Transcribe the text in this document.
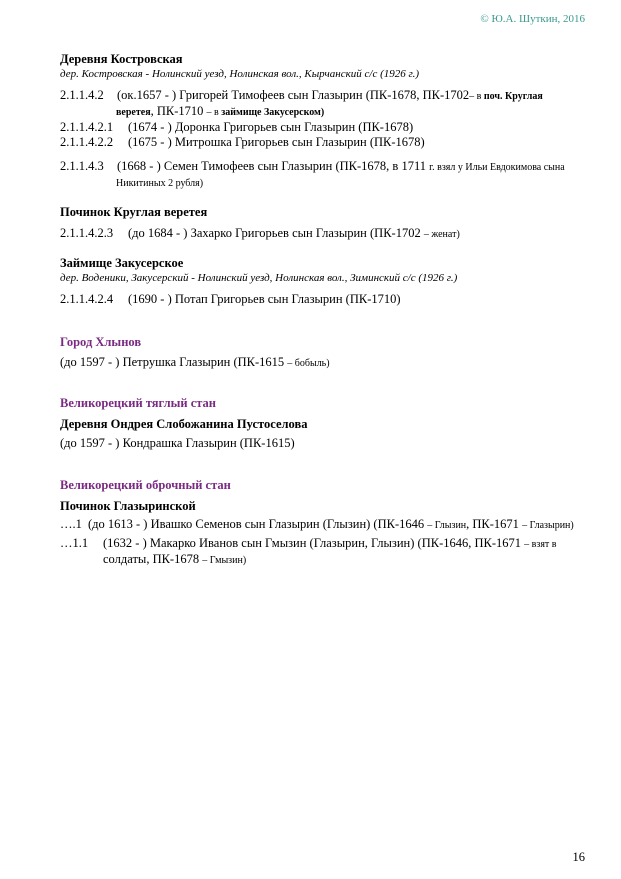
© Ю.А. Шуткин, 2016
Деревня Костровская
дер. Костровская - Нолинский уезд, Нолинская вол., Кырчанский с/с (1926 г.)
2.1.1.4.2 (ок.1657 - ) Григорей Тимофеев сын Глазырин (ПК-1678, ПК-1702– в поч. Круглая
веретея, ПК-1710 – в займище Закусерском)
2.1.1.4.2.1 (1674 - ) Доронка Григорьев сын Глазырин (ПК-1678)
2.1.1.4.2.2 (1675 - ) Митрошка Григорьев сын Глазырин (ПК-1678)
2.1.1.4.3 (1668 - ) Семен Тимофеев сын Глазырин (ПК-1678, в 1711 г. взял у Ильи Евдокимова сына
Никитиных 2 рубля)
Починок Круглая веретея
2.1.1.4.2.3 (до 1684 - ) Захарко Григорьев сын Глазырин (ПК-1702 – женат)
Займище Закусерское
дер. Воденики, Закусерский - Нолинский уезд, Нолинская вол., Зиминский с/с (1926 г.)
2.1.1.4.2.4 (1690 - ) Потап Григорьев сын Глазырин (ПК-1710)
Город Хлынов
(до 1597 - ) Петрушка Глазырин (ПК-1615 – бобыль)
Великорецкий тяглый стан
Деревня Ондрея Слобожанина Пустоселова
(до 1597 - ) Кондрашка Глазырин (ПК-1615)
Великорецкий оброчный стан
Починок Глазыринской
….1 (до 1613 - ) Ивашко Семенов сын Глазырин (Глызин) (ПК-1646 – Глызин, ПК-1671 – Глазырин)
…1.1 (1632 - ) Макарко Иванов сын Гмызин (Глазырин, Глызин) (ПК-1646, ПК-1671 – взят в
солдаты, ПК-1678 – Гмызин)
16
